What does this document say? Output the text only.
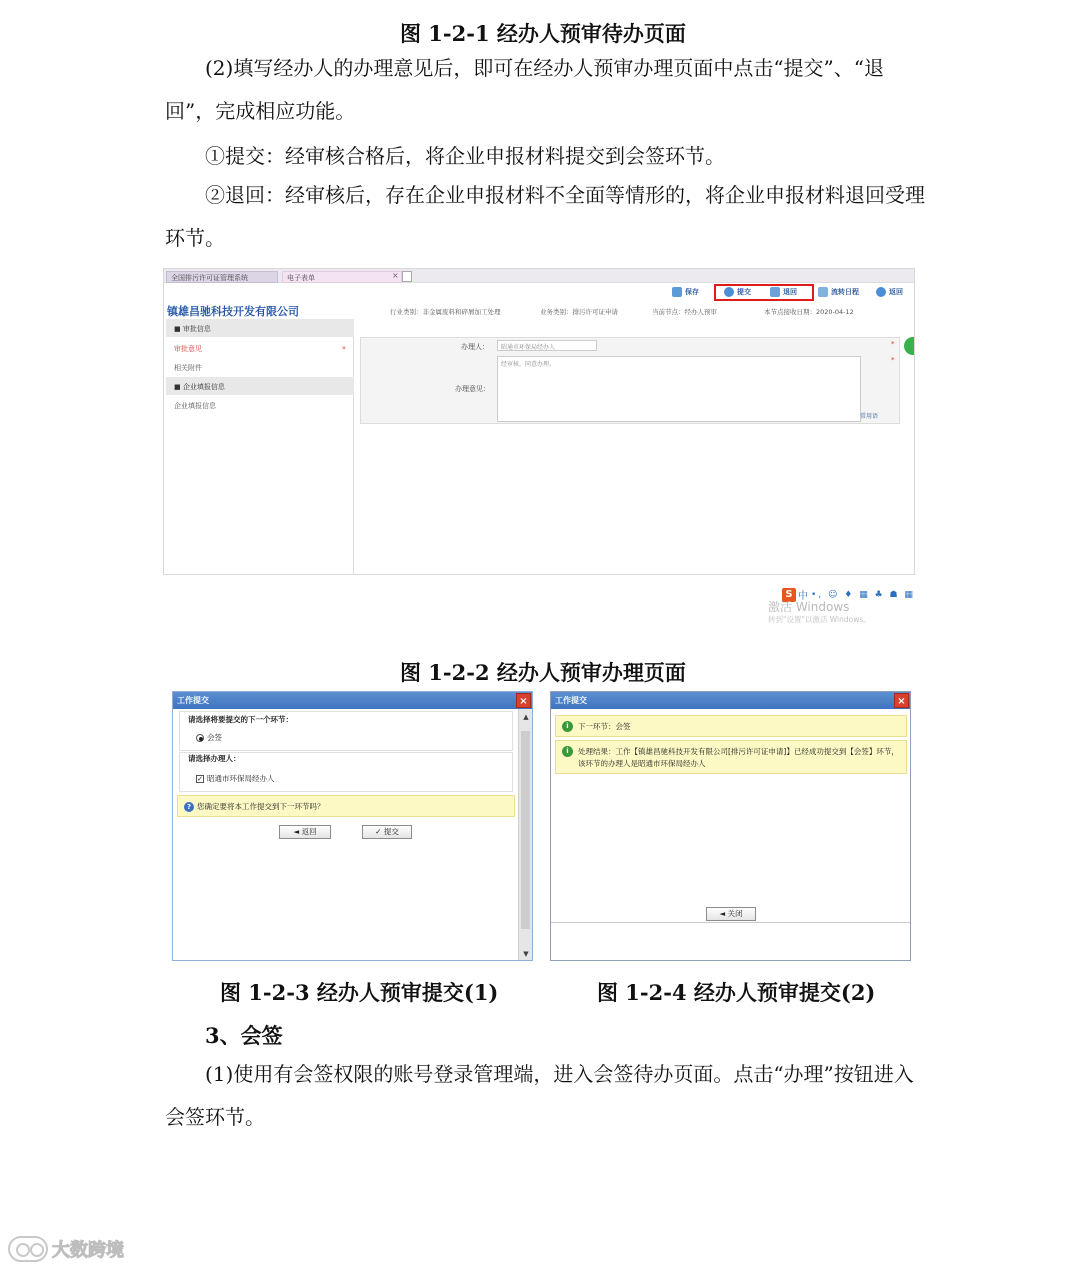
图 1-2-1 经办人预审待办页面
(2)填写经办人的办理意见后，即可在经办人预审办理页面中点击“提交”、“退回”，完成相应功能。
①提交：经审核合格后，将企业申报材料提交到会签环节。
②退回：经审核后，存在企业申报材料不全面等情形的，将企业申报材料退回受理环节。
全国排污许可证管理系统	电子表单	×
保存	提交	退回	流转日程	返回
镇雄昌驰科技开发有限公司	行业类别：非金属废料和碎屑加工处理	业务类别：排污许可证申请	当前节点：经办人预审	本节点接收日期：2020-04-12
■ 审批信息
审批意见	»
相关附件
■ 企业填报信息
企业填报信息
办理人：	昭通市环保局经办人	*
办理意见：
经审核，同意办理。
*
常用语
S 中 •, ☺ ♦ ▦ ♣ ☗ ▦
激活 Windows
转到"设置"以激活 Windows。
图 1-2-2 经办人预审办理页面
工作提交	×
请选择将要提交的下一个环节：
会签
请选择办理人：
✓ 昭通市环保局经办人
? 您确定要将本工作提交到下一环节吗？
◄ 返回	✓ 提交
▲
▼
工作提交	×
i	下一环节：会签
i	处理结果：工作【镇雄昌驰科技开发有限公司[排污许可证申请]】已经成功提交到【会签】环节，该环节的办理人是昭通市环保局经办人
◄ 关闭
图 1-2-3 经办人预审提交(1)	图 1-2-4 经办人预审提交(2)
3、会签
(1)使用有会签权限的账号登录管理端，进入会签待办页面。点击“办理”按钮进入会签环节。
大数跨境
